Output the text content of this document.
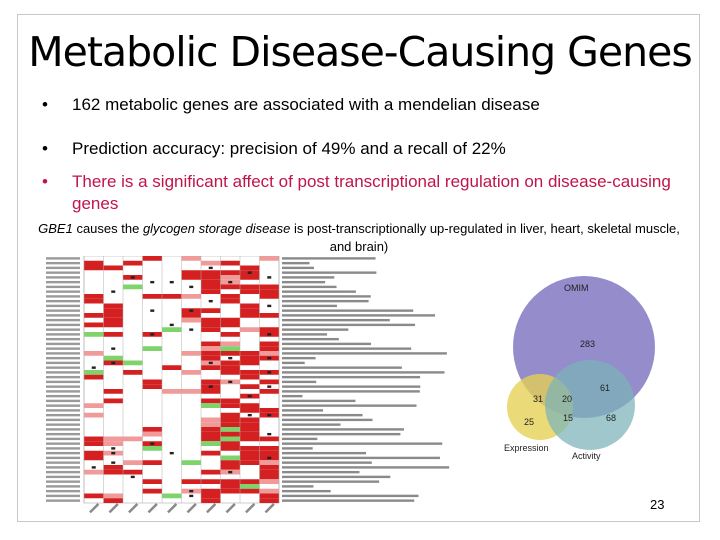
Metabolic Disease-Causing Genes
• 162 metabolic genes are associated with a mendelian disease
• Prediction accuracy: precision of 49% and a recall of 22%
• There is a significant affect of post transcriptional regulation on disease-causing genes
GBE1 causes the glycogen storage disease is post-transcriptionally up-regulated in liver, heart, skeletal muscle, and brain)
OMIM
Expression
Activity
283
31
61
20
15
25	68
23
